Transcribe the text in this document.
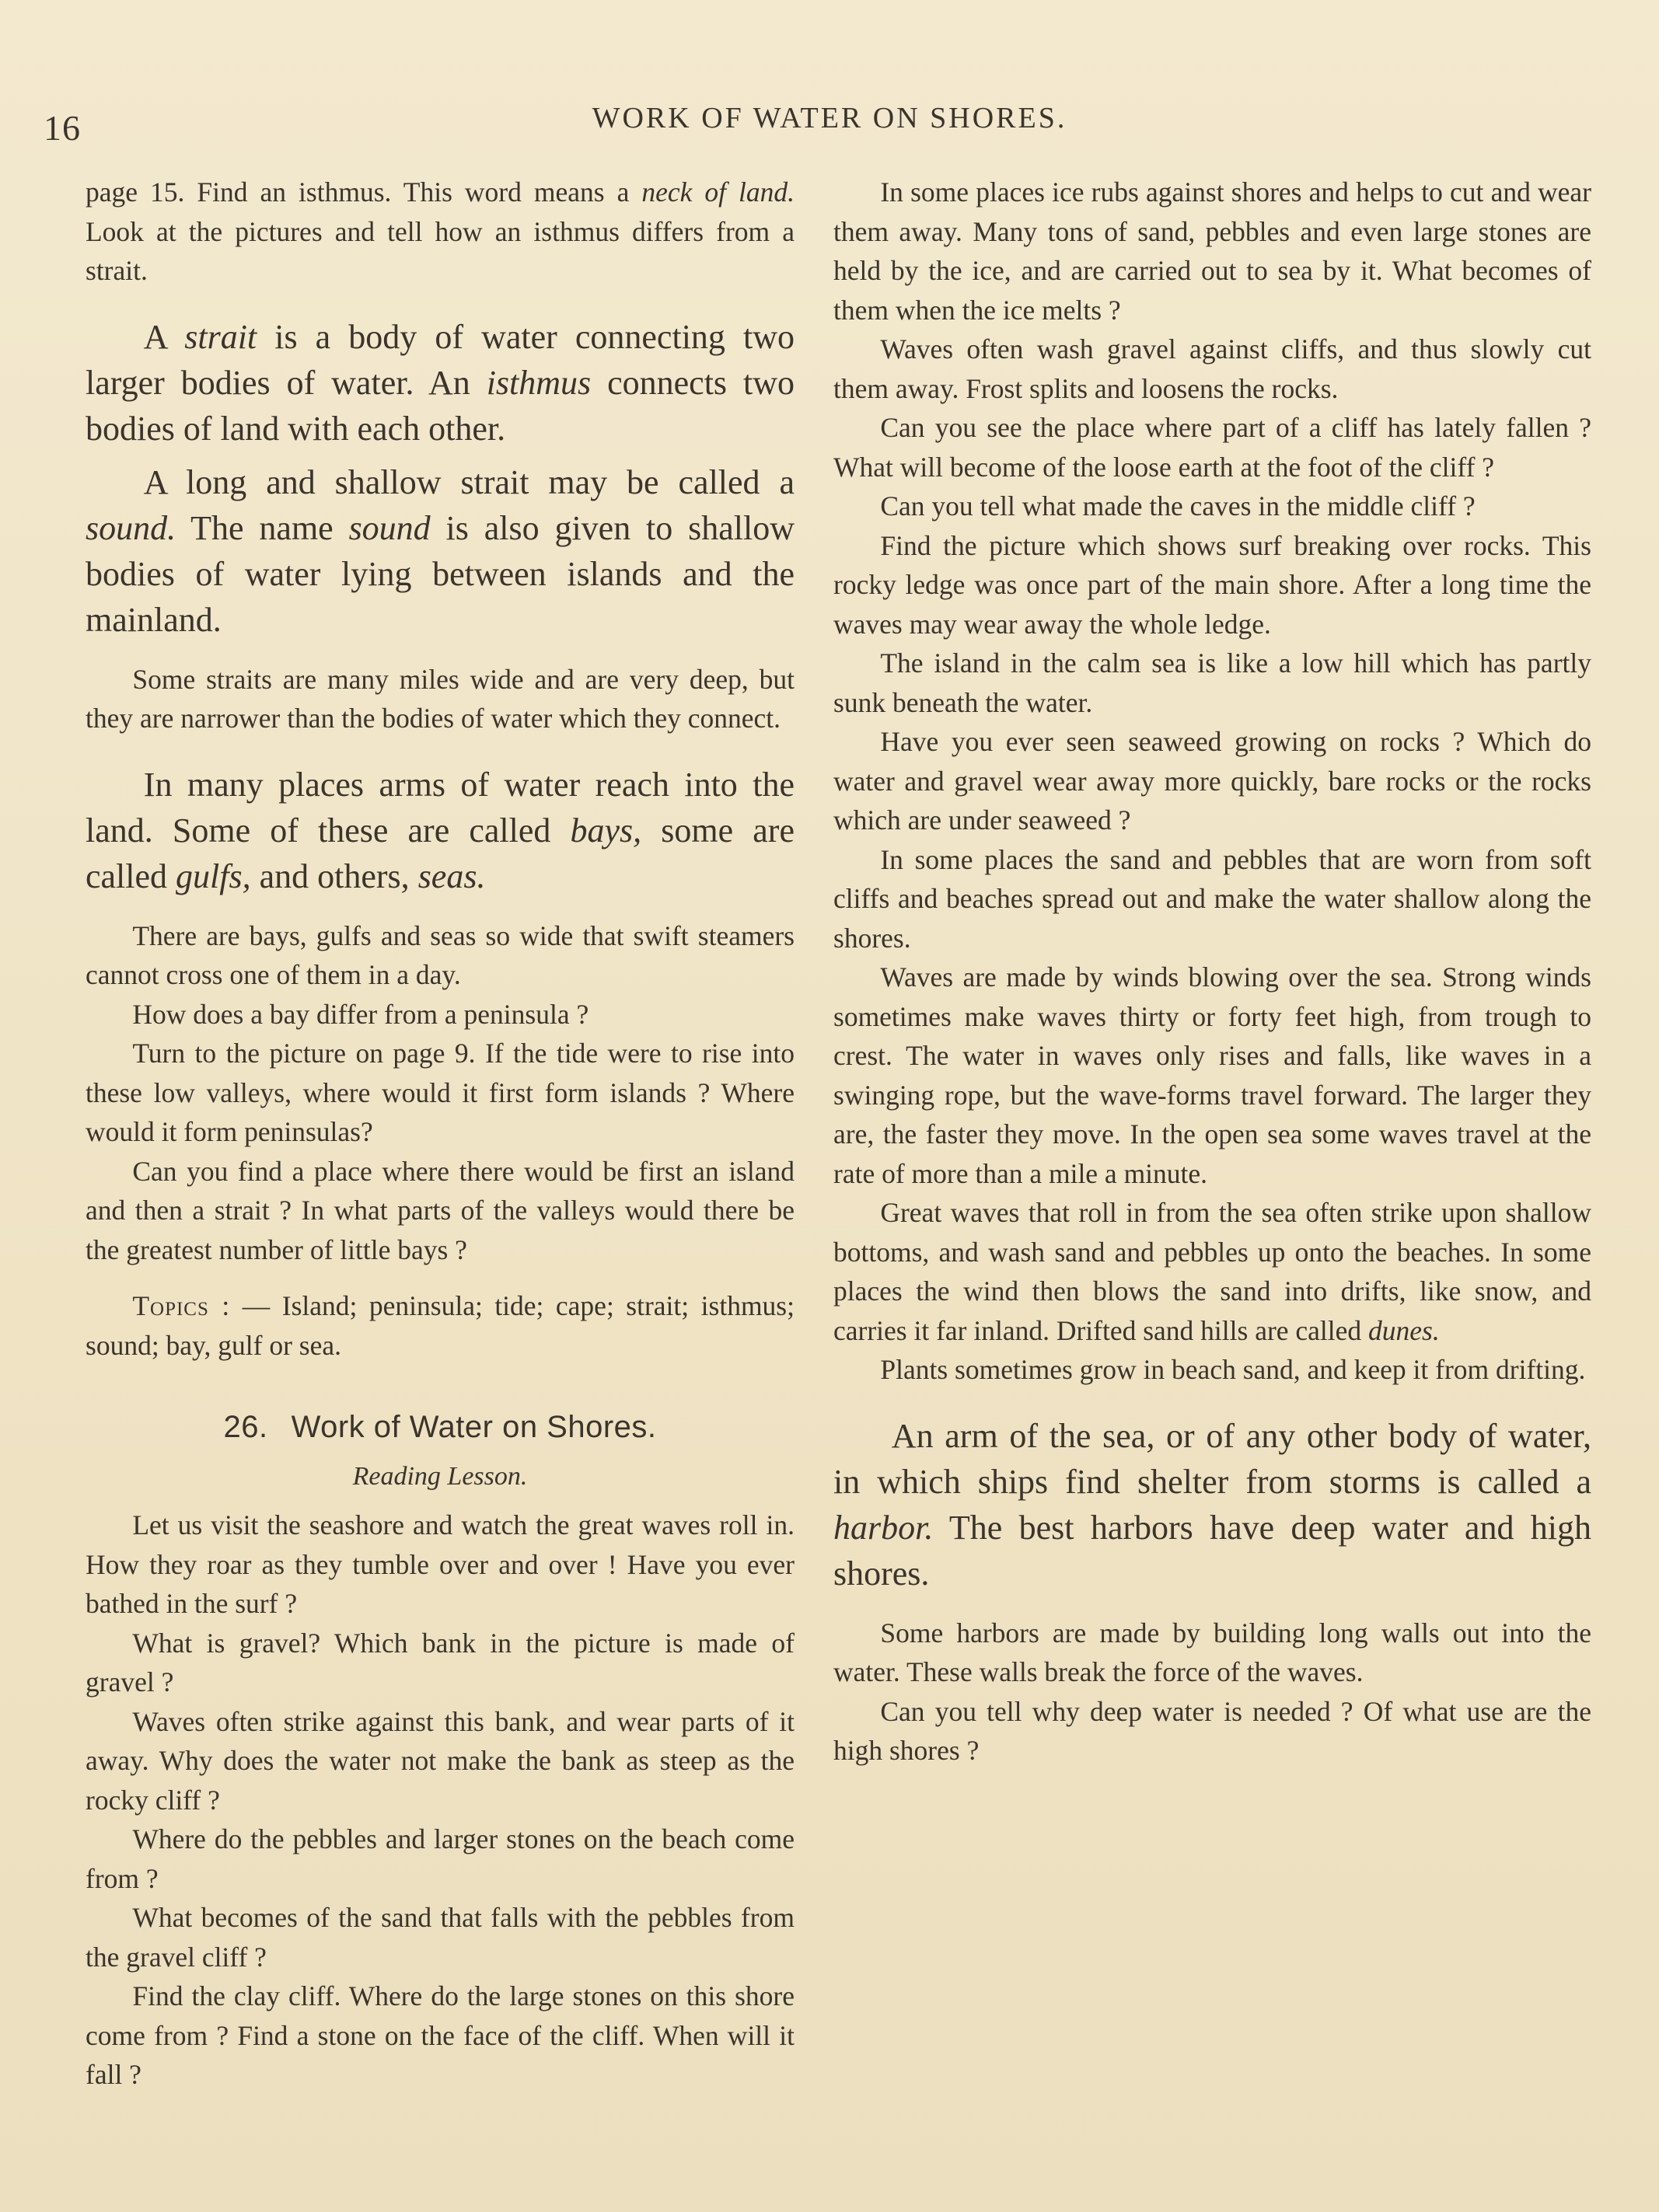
16	WORK OF WATER ON SHORES.

page 15. Find an isthmus. This word means a neck of land. Look at the pictures and tell how an isthmus differs from a strait.

A strait is a body of water connecting two larger bodies of water. An isthmus connects two bodies of land with each other.

A long and shallow strait may be called a sound. The name sound is also given to shallow bodies of water lying between islands and the mainland.

Some straits are many miles wide and are very deep, but they are narrower than the bodies of water which they connect.

In many places arms of water reach into the land. Some of these are called bays, some are called gulfs, and others, seas.

There are bays, gulfs and seas so wide that swift steamers cannot cross one of them in a day.

How does a bay differ from a peninsula ?

Turn to the picture on page 9. If the tide were to rise into these low valleys, where would it first form islands ? Where would it form peninsulas?

Can you find a place where there would be first an island and then a strait ? In what parts of the valleys would there be the greatest number of little bays ?

Topics : — Island; peninsula; tide; cape; strait; isthmus; sound; bay, gulf or sea.

26. Work of Water on Shores.
Reading Lesson.

Let us visit the seashore and watch the great waves roll in. How they roar as they tumble over and over ! Have you ever bathed in the surf ?

What is gravel? Which bank in the picture is made of gravel ?

Waves often strike against this bank, and wear parts of it away. Why does the water not make the bank as steep as the rocky cliff ?

Where do the pebbles and larger stones on the beach come from ?

What becomes of the sand that falls with the pebbles from the gravel cliff ?

Find the clay cliff. Where do the large stones on this shore come from ? Find a stone on the face of the cliff. When will it fall ?

In some places ice rubs against shores and helps to cut and wear them away. Many tons of sand, pebbles and even large stones are held by the ice, and are carried out to sea by it. What becomes of them when the ice melts ?

Waves often wash gravel against cliffs, and thus slowly cut them away. Frost splits and loosens the rocks.

Can you see the place where part of a cliff has lately fallen ? What will become of the loose earth at the foot of the cliff ?

Can you tell what made the caves in the middle cliff ?

Find the picture which shows surf breaking over rocks. This rocky ledge was once part of the main shore. After a long time the waves may wear away the whole ledge.

The island in the calm sea is like a low hill which has partly sunk beneath the water.

Have you ever seen seaweed growing on rocks ? Which do water and gravel wear away more quickly, bare rocks or the rocks which are under seaweed ?

In some places the sand and pebbles that are worn from soft cliffs and beaches spread out and make the water shallow along the shores.

Waves are made by winds blowing over the sea. Strong winds sometimes make waves thirty or forty feet high, from trough to crest. The water in waves only rises and falls, like waves in a swinging rope, but the wave-forms travel forward. The larger they are, the faster they move. In the open sea some waves travel at the rate of more than a mile a minute.

Great waves that roll in from the sea often strike upon shallow bottoms, and wash sand and pebbles up onto the beaches. In some places the wind then blows the sand into drifts, like snow, and carries it far inland. Drifted sand hills are called dunes.

Plants sometimes grow in beach sand, and keep it from drifting.

An arm of the sea, or of any other body of water, in which ships find shelter from storms is called a harbor. The best harbors have deep water and high shores.

Some harbors are made by building long walls out into the water. These walls break the force of the waves.

Can you tell why deep water is needed ? Of what use are the high shores ?
